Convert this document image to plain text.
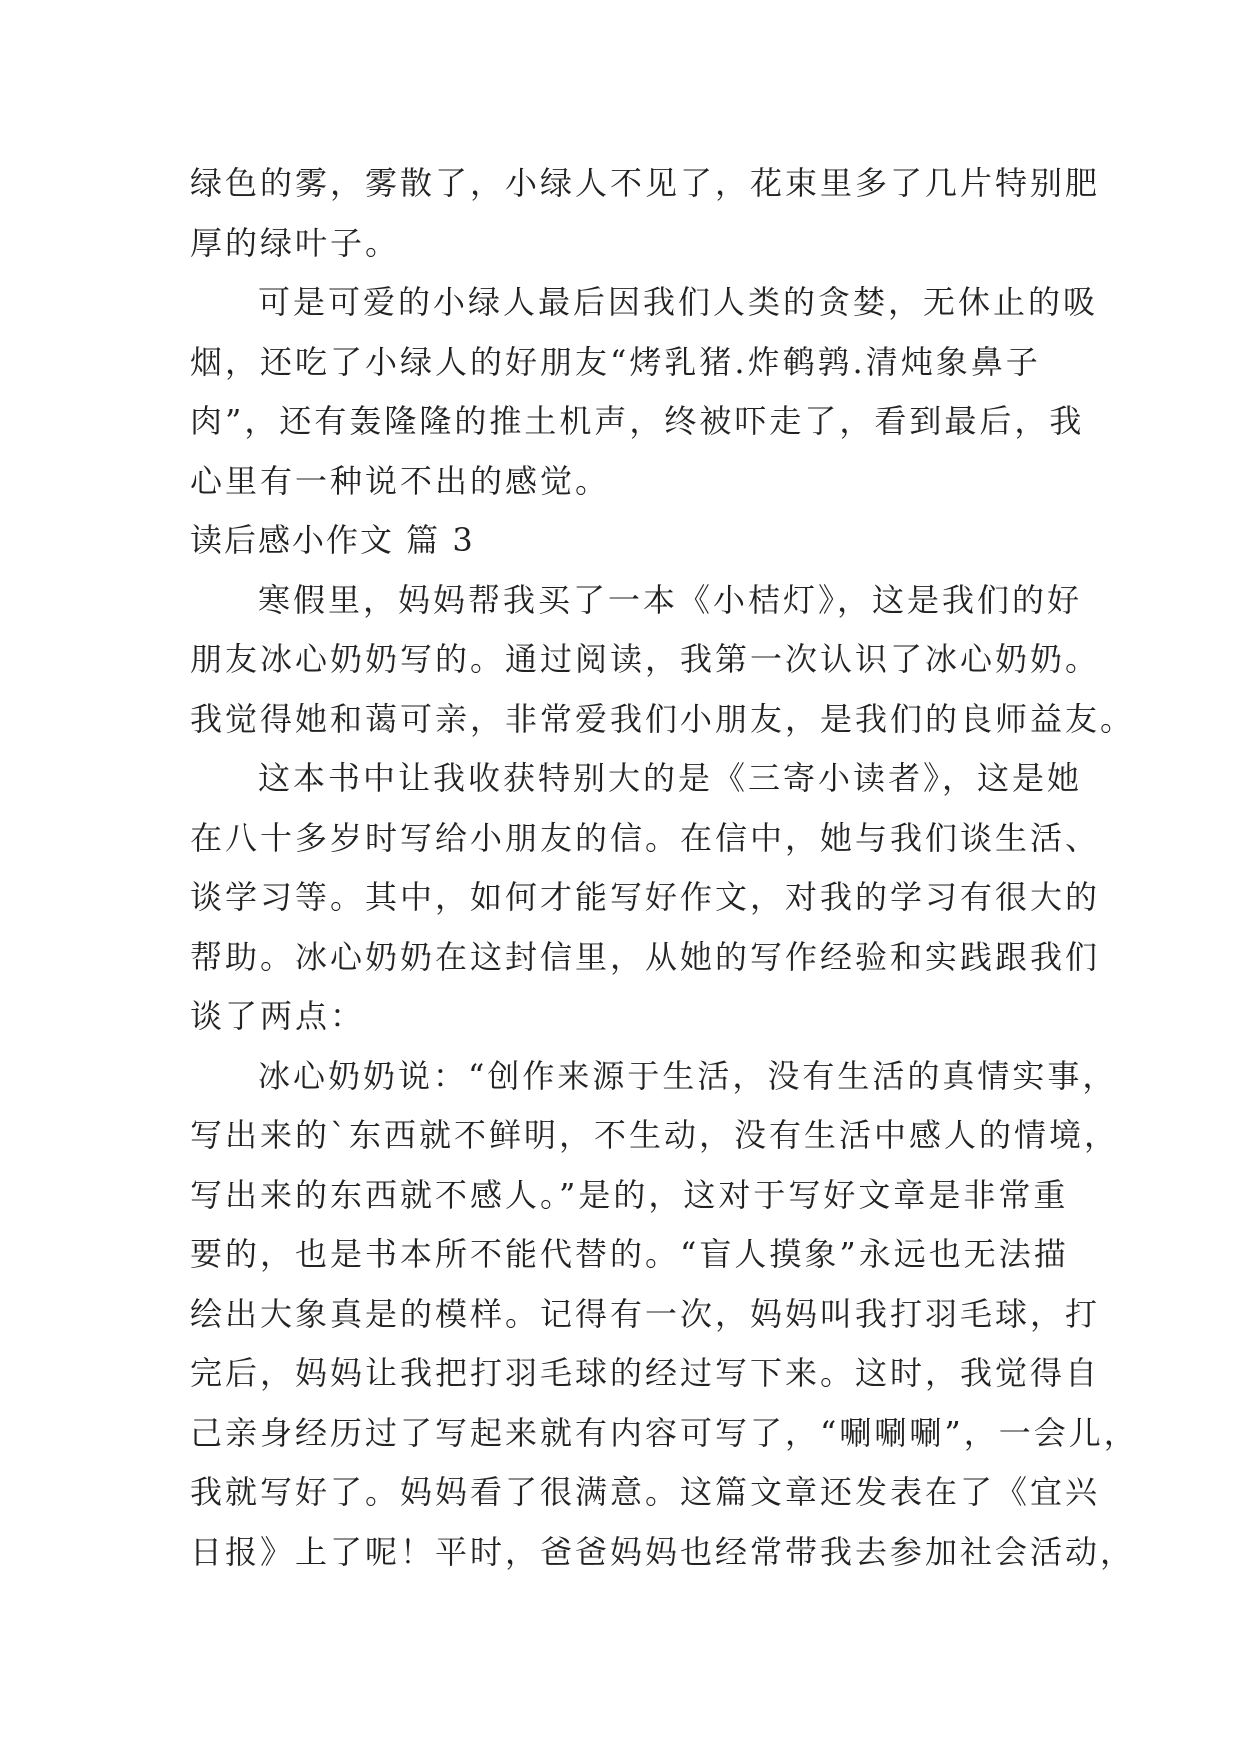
绿色的雾，雾散了，小绿人不见了，花束里多了几片特别肥
厚的绿叶子。
可是可爱的小绿人最后因我们人类的贪婪，无休止的吸
烟，还吃了小绿人的好朋友“烤乳猪.炸鹌鹑.清炖象鼻子
肉”，还有轰隆隆的推土机声，终被吓走了，看到最后，我
心里有一种说不出的感觉。
读后感小作文 篇 3
寒假里，妈妈帮我买了一本《小桔灯》，这是我们的好
朋友冰心奶奶写的。通过阅读，我第一次认识了冰心奶奶。
我觉得她和蔼可亲，非常爱我们小朋友，是我们的良师益友。
这本书中让我收获特别大的是《三寄小读者》，这是她
在八十多岁时写给小朋友的信。在信中，她与我们谈生活、
谈学习等。其中，如何才能写好作文，对我的学习有很大的
帮助。冰心奶奶在这封信里，从她的写作经验和实践跟我们
谈了两点：
冰心奶奶说：“创作来源于生活，没有生活的真情实事，
写出来的`东西就不鲜明，不生动，没有生活中感人的情境，
写出来的东西就不感人。”是的，这对于写好文章是非常重
要的，也是书本所不能代替的。“盲人摸象”永远也无法描
绘出大象真是的模样。记得有一次，妈妈叫我打羽毛球，打
完后，妈妈让我把打羽毛球的经过写下来。这时，我觉得自
己亲身经历过了写起来就有内容可写了，“唰唰唰”，一会儿，
我就写好了。妈妈看了很满意。这篇文章还发表在了《宜兴
日报》上了呢！平时，爸爸妈妈也经常带我去参加社会活动，
